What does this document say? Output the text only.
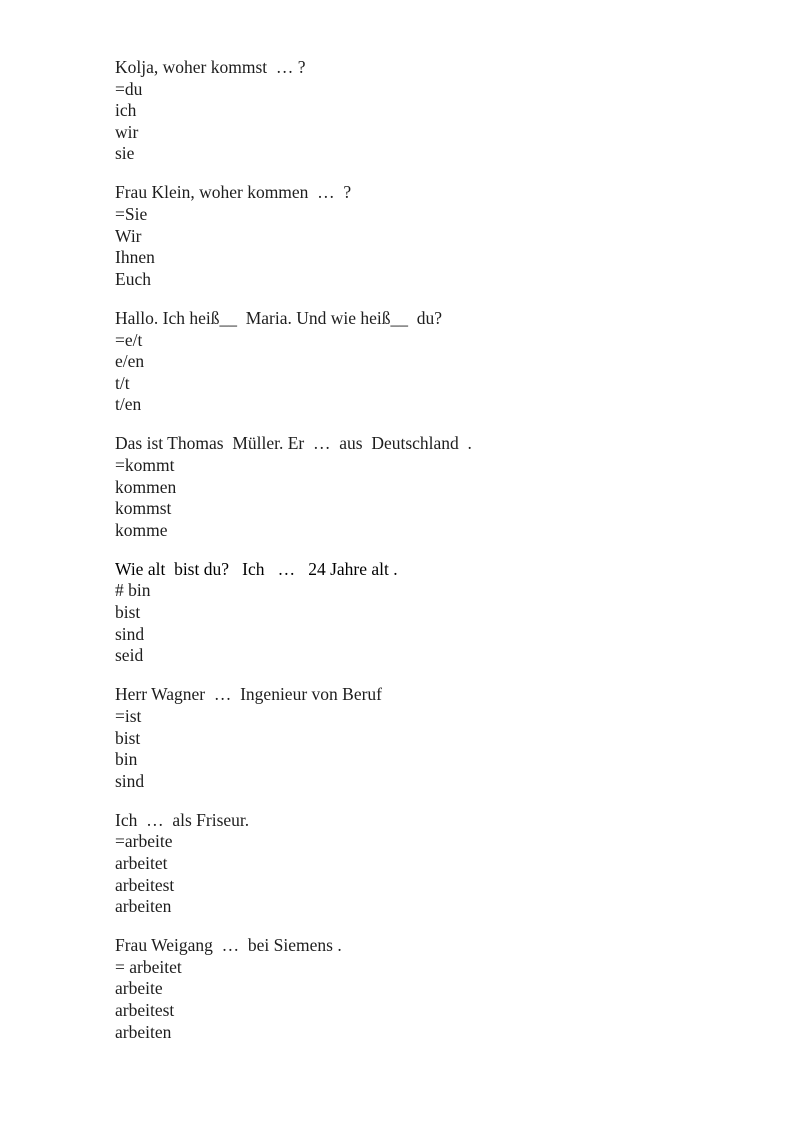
Kolja, woher kommst  … ?
=du
ich
wir
sie
Frau Klein, woher kommen  …  ?
=Sie
Wir
Ihnen
Euch
Hallo. Ich heiß__  Maria. Und wie heiß__  du?
=e/t
e/en
t/t
t/en
Das ist Thomas  Müller. Er  …  aus  Deutschland  .
=kommt
kommen
kommst
komme
Wie alt  bist du?   Ich   …   24 Jahre alt .
# bin
bist
sind
seid
Herr Wagner  …  Ingenieur von Beruf
=ist
bist
bin
sind
Ich  …  als Friseur.
=arbeite
arbeitet
arbeitest
arbeiten
Frau Weigang  …  bei Siemens .
= arbeitet
arbeite
arbeitest
arbeiten
